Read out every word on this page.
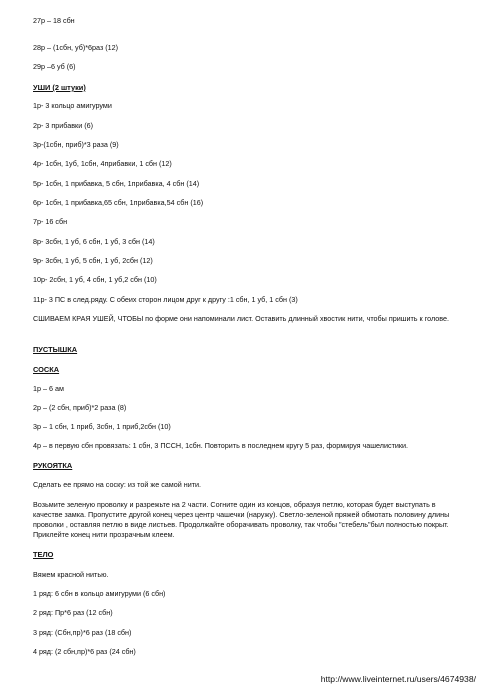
27р – 18 сбн

28р – (1сбн, уб)*6раз (12)

29р –6 уб (6)

УШИ (2 штуки)

1р- 3 кольцо амигуруми

2р- 3 прибавки (6)

3р-(1сбн, приб)*3 раза (9)

4р- 1сбн, 1уб, 1сбн, 4прибавки, 1 сбн (12)

5р- 1сбн, 1 прибавка, 5 сбн, 1прибавка, 4 сбн (14)

6р- 1сбн, 1 прибавка,65 сбн, 1прибавка,54 сбн (16)

7р- 16 сбн

8р- 3сбн, 1 уб, 6 сбн, 1 уб, 3 сбн (14)

9р- 3сбн, 1 уб, 5 сбн, 1 уб, 2сбн (12)

10р- 2сбн, 1 уб, 4 сбн, 1 уб,2 сбн (10)

11р- 3 ПС в след.ряду. С обеих сторон лицом друг к другу :1 сбн, 1 уб, 1 сбн (3)

СШИВАЕМ КРАЯ УШЕЙ, ЧТОБЫ по форме они напоминали лист. Оставить длинный хвостик нити, чтобы пришить к голове.

ПУСТЫШКА

СОСКА

1р – 6 ам

2р – (2 сбн, приб)*2 раза (8)

3р – 1 сбн, 1 приб, 3сбн, 1 приб,2сбн (10)

4р – в первую сбн провязать: 1 сбн, 3 ПССН, 1сбн. Повторить в последнем кругу 5 раз, формируя чашелистики.

РУКОЯТКА

Сделать ее прямо на соску: из той же самой нити.

Возьмите зеленую проволку и разрежьте на 2 части. Согните один из концов, образуя петлю, которая будет выступать в качестве замка. Пропустите другой конец через центр чашечки (наружу). Светло-зеленой пряжей обмотать половину длины проволки , оставляя петлю в виде листьев. Продолжайте оборачивать проволку, так чтобы "стебель"был полностью покрыт. Приклейте конец нити прозрачным клеем.

ТЕЛО

Вяжем красной нитью.

1 ряд: 6 сбн в кольцо амигуруми (6 сбн)

2 ряд: Пр*6 раз (12 сбн)

3 ряд: (Сбн,пр)*6 раз (18 сбн)

4 ряд: (2 сбн,пр)*6 раз (24 сбн)

http://www.liveinternet.ru/users/4674938/
